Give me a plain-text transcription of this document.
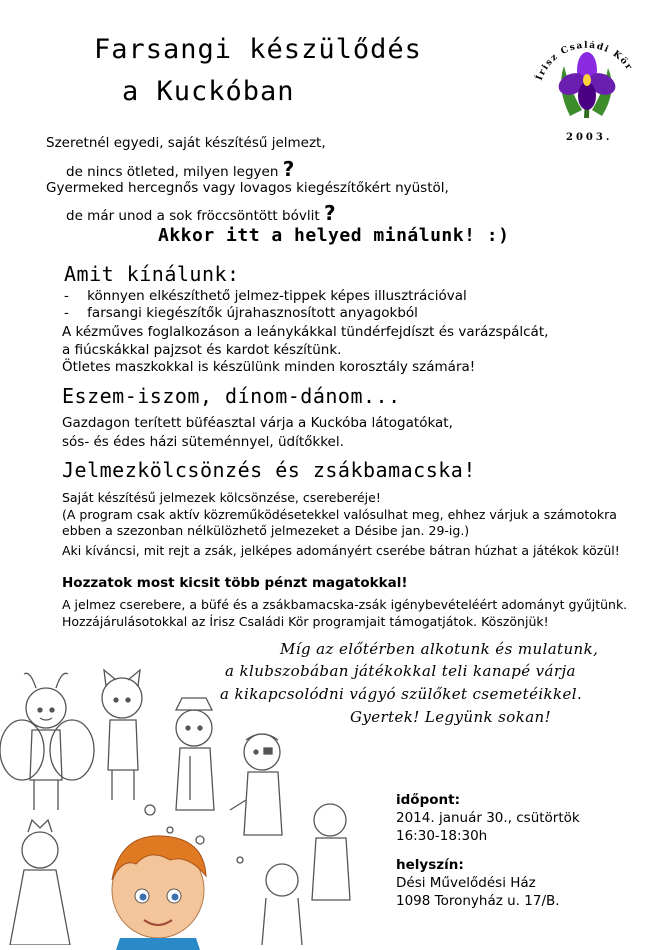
Farsangi készülődés
a Kuckóban	Írisz Családi Kör
2003.
Szeretnél egyedi, saját készítésű jelmezt,
de nincs ötleted, milyen legyen ?
Gyermeked hercegnős vagy lovagos kiegészítőkért nyüstöl,
de már unod a sok fröccsöntött bóvlit ?
Akkor itt a helyed minálunk! :)
Amit kínálunk:
- könnyen elkészíthető jelmez-tippek képes illusztrációval
- farsangi kiegészítők újrahasznosított anyagokból
A kézműves foglalkozáson a leánykákkal tündérfejdíszt és varázspálcát,
a fiúcskákkal pajzsot és kardot készítünk.
Ötletes maszkokkal is készülünk minden korosztály számára!
Eszem-iszom, dínom-dánom...
Gazdagon terített büféasztal várja a Kuckóba látogatókat,
sós- és édes házi süteménnyel, üdítőkkel.
Jelmezkölcsönzés és zsákbamacska!
Saját készítésű jelmezek kölcsönzése, csereberéje!
(A program csak aktív közreműködésetekkel valósulhat meg, ehhez várjuk a számotokra
ebben a szezonban nélkülözhető jelmezeket a Désibe jan. 29-ig.)
Aki kíváncsi, mit rejt a zsák, jelképes adományért cserébe bátran húzhat a játékok közül!
Hozzatok most kicsit több pénzt magatokkal!
A jelmez cserebere, a büfé és a zsákbamacska-zsák igénybevételéért adományt gyűjtünk.
Hozzájárulásotokkal az Írisz Családi Kör programjait támogatjátok. Köszönjük!
Míg az előtérben alkotunk és mulatunk,
a klubszobában játékokkal teli kanapé várja
a kikapcsolódni vágyó szülőket csemetéikkel.
Gyertek! Legyünk sokan!
időpont:
2014. január 30., csütörtök
16:30-18:30h
helyszín:
Dési Művelődési Ház
1098 Toronyház u. 17/B.
